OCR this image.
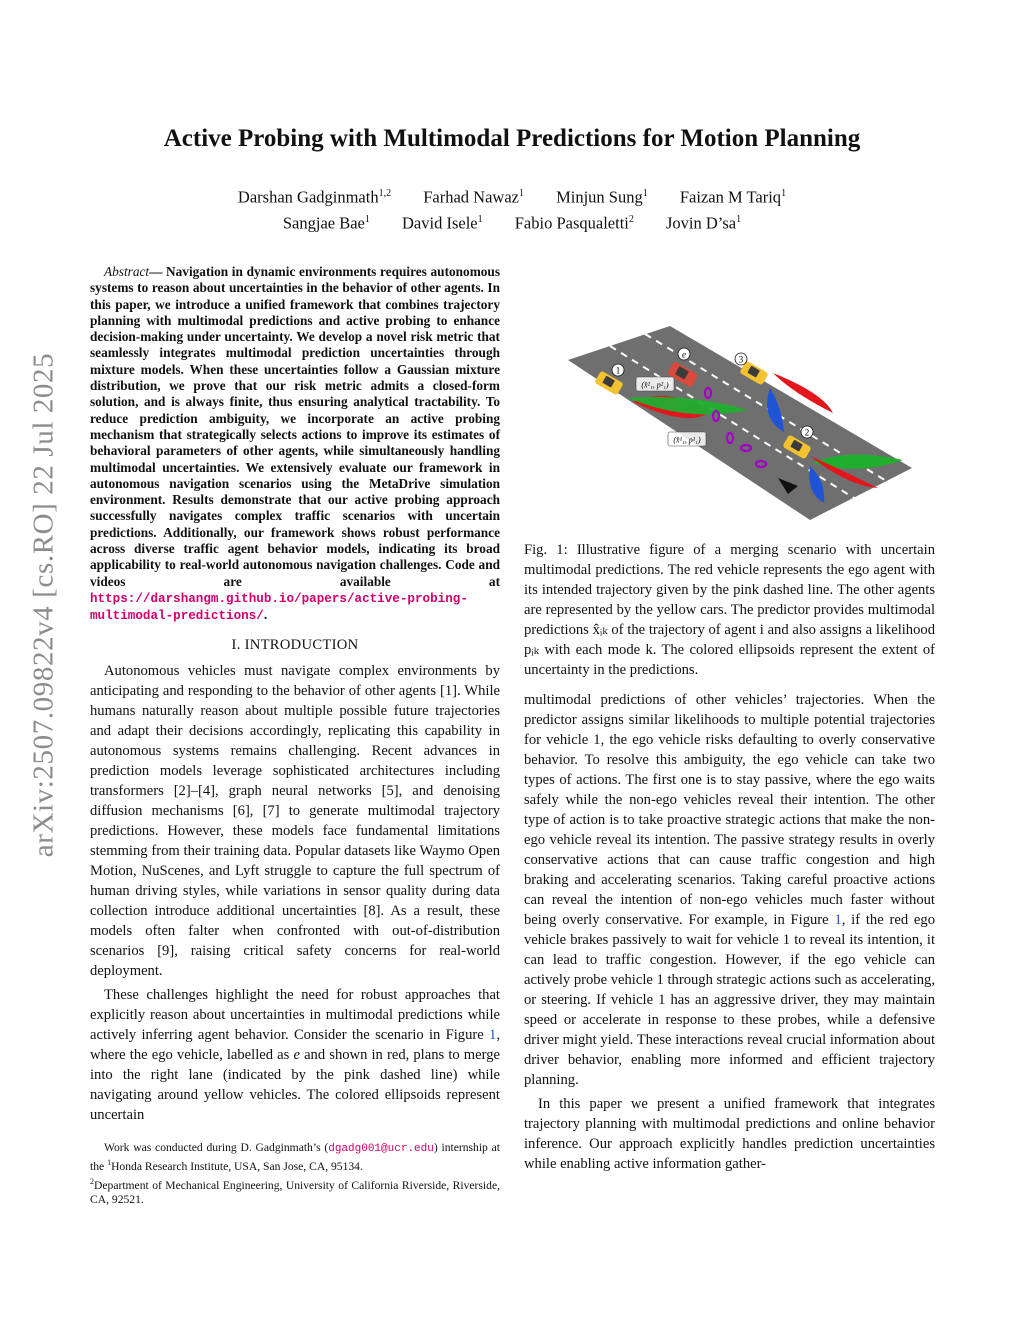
arXiv:2507.09822v4 [cs.RO] 22 Jul 2025
Active Probing with Multimodal Predictions for Motion Planning
Darshan Gadginmath$^{1,2}$ Farhad Nawaz$^1$ Minjun Sung$^1$ Faizan M Tariq$^1$
Sangjae Bae$^1$ David Isele$^1$ Fabio Pasqualetti$^2$ Jovin $D’sa^1$

Abstract— Navigation in dynamic environments requires autonomous systems to reason about uncertainties in the behavior of other agents. In this paper, we introduce a unified framework that combines trajectory planning with multimodal predictions and active probing to enhance decision-making under uncertainty. We develop a novel risk metric that seamlessly integrates multimodal prediction uncertainties through mixture models. When these uncertainties follow a Gaussian mixture distribution, we prove that our risk metric admits a closed-form solution, and is always finite, thus ensuring analytical tractability. To reduce prediction ambiguity, we incorporate an active probing mechanism that strategically selects actions to improve its estimates of behavioral parameters of other agents, while simultaneously handling multimodal uncertainties. We extensively evaluate our framework in autonomous navigation scenarios using the MetaDrive simulation environment. Results demonstrate that our active probing approach successfully navigates complex traffic scenarios with uncertain predictions. Additionally, our framework shows robust performance across diverse traffic agent behavior models, indicating its broad applicability to real-world autonomous navigation challenges. Code and videos are available at https://darshangm.github.io/papers/active-probing-multimodal-predictions/.

I. INTRODUCTION

Autonomous vehicles must navigate complex environments by anticipating and responding to the behavior of other agents [1]. While humans naturally reason about multiple possible future trajectories and adapt their decisions accordingly, replicating this capability in autonomous systems remains challenging. Recent advances in prediction models leverage sophisticated architectures including transformers [2]–[4], graph neural networks [5], and denoising diffusion mechanisms [6], [7] to generate multimodal trajectory predictions. However, these models face fundamental limitations stemming from their training data. Popular datasets like Waymo Open Motion, NuScenes, and Lyft struggle to capture the full spectrum of human driving styles, while variations in sensor quality during data collection introduce additional uncertainties [8]. As a result, these models often falter when confronted with out-of-distribution scenarios [9], raising critical safety concerns for real-world deployment.

These challenges highlight the need for robust approaches that explicitly reason about uncertainties in multimodal predictions while actively inferring agent behavior. Consider the scenario in Figure 1, where the ego vehicle, labelled as e and shown in red, plans to merge into the right lane (indicated by the pink dashed line) while navigating around yellow vehicles. The colored ellipsoids represent uncertain

Work was conducted during D. Gadginmath’s (dgadg001@ucr.edu) internship at the $^1$Honda Research Institute, USA, San Jose, CA, 95134.
$^2$Department of Mechanical Engineering, University of California Riverside, Riverside, CA, 92521.
1
e	3
2
(x̂²₁, p²₁)
(x̂¹₁, p¹₁)

Fig. 1: Illustrative figure of a merging scenario with uncertain multimodal predictions. The red vehicle represents the ego agent with its intended trajectory given by the pink dashed line. The other agents are represented by the yellow cars. The predictor provides multimodal predictions x̂ᵢₖ of the trajectory of agent i and also assigns a likelihood pᵢₖ with each mode k. The colored ellipsoids represent the extent of uncertainty in the predictions.

multimodal predictions of other vehicles’ trajectories. When the predictor assigns similar likelihoods to multiple potential trajectories for vehicle 1, the ego vehicle risks defaulting to overly conservative behavior. To resolve this ambiguity, the ego vehicle can take two types of actions. The first one is to stay passive, where the ego waits safely while the non-ego vehicles reveal their intention. The other type of action is to take proactive strategic actions that make the non-ego vehicle reveal its intention. The passive strategy results in overly conservative actions that can cause traffic congestion and high braking and accelerating scenarios. Taking careful proactive actions can reveal the intention of non-ego vehicles much faster without being overly conservative. For example, in Figure 1, if the red ego vehicle brakes passively to wait for vehicle 1 to reveal its intention, it can lead to traffic congestion. However, if the ego vehicle can actively probe vehicle 1 through strategic actions such as accelerating, or steering. If vehicle 1 has an aggressive driver, they may maintain speed or accelerate in response to these probes, while a defensive driver might yield. These interactions reveal crucial information about driver behavior, enabling more informed and efficient trajectory planning.

In this paper we present a unified framework that integrates trajectory planning with multimodal predictions and online behavior inference. Our approach explicitly handles prediction uncertainties while enabling active information gather-
